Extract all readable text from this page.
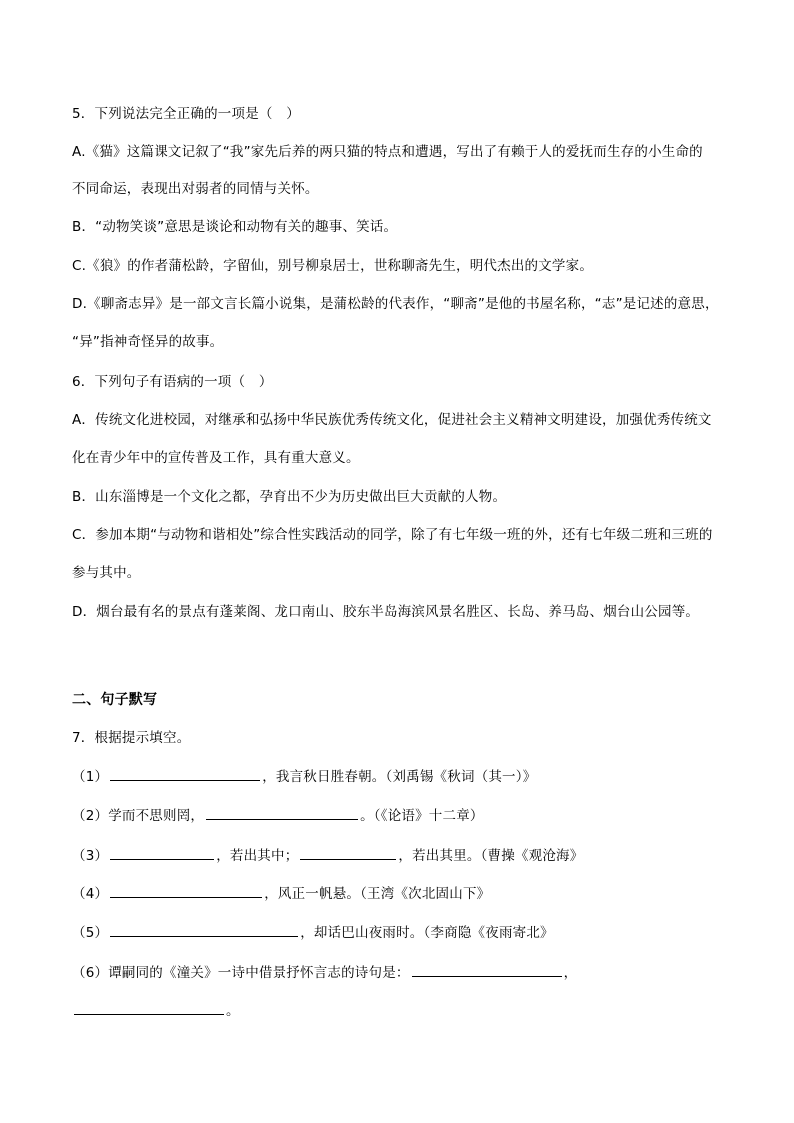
5．下列说法完全正确的一项是（　）
A.《猫》这篇课文记叙了“我”家先后养的两只猫的特点和遭遇，写出了有赖于人的爱抚而生存的小生命的
不同命运，表现出对弱者的同情与关怀。
B．“动物笑谈”意思是谈论和动物有关的趣事、笑话。
C.《狼》的作者蒲松龄，字留仙，别号柳泉居士，世称聊斋先生，明代杰出的文学家。
D.《聊斋志异》是一部文言长篇小说集，是蒲松龄的代表作，“聊斋”是他的书屋名称，“志”是记述的意思，
“异”指神奇怪异的故事。
6．下列句子有语病的一项（　）
A．传统文化进校园，对继承和弘扬中华民族优秀传统文化，促进社会主义精神文明建设，加强优秀传统文
化在青少年中的宣传普及工作，具有重大意义。
B．山东淄博是一个文化之都，孕育出不少为历史做出巨大贡献的人物。
C．参加本期“与动物和谐相处”综合性实践活动的同学，除了有七年级一班的外，还有七年级二班和三班的
参与其中。
D．烟台最有名的景点有蓬莱阁、龙口南山、胶东半岛海滨风景名胜区、长岛、养马岛、烟台山公园等。
二、句子默写
7．根据提示填空。
（1）	，我言秋日胜春朝。（刘禹锡《秋词（其一）》
（2）学而不思则罔，	。（《论语》十二章）
（3）	，若出其中；	，若出其里。（曹操《观沧海》
（4）	，风正一帆悬。（王湾《次北固山下》
（5）	，却话巴山夜雨时。（李商隐《夜雨寄北》
（6）谭嗣同的《潼关》一诗中借景抒怀言志的诗句是：	，
。
